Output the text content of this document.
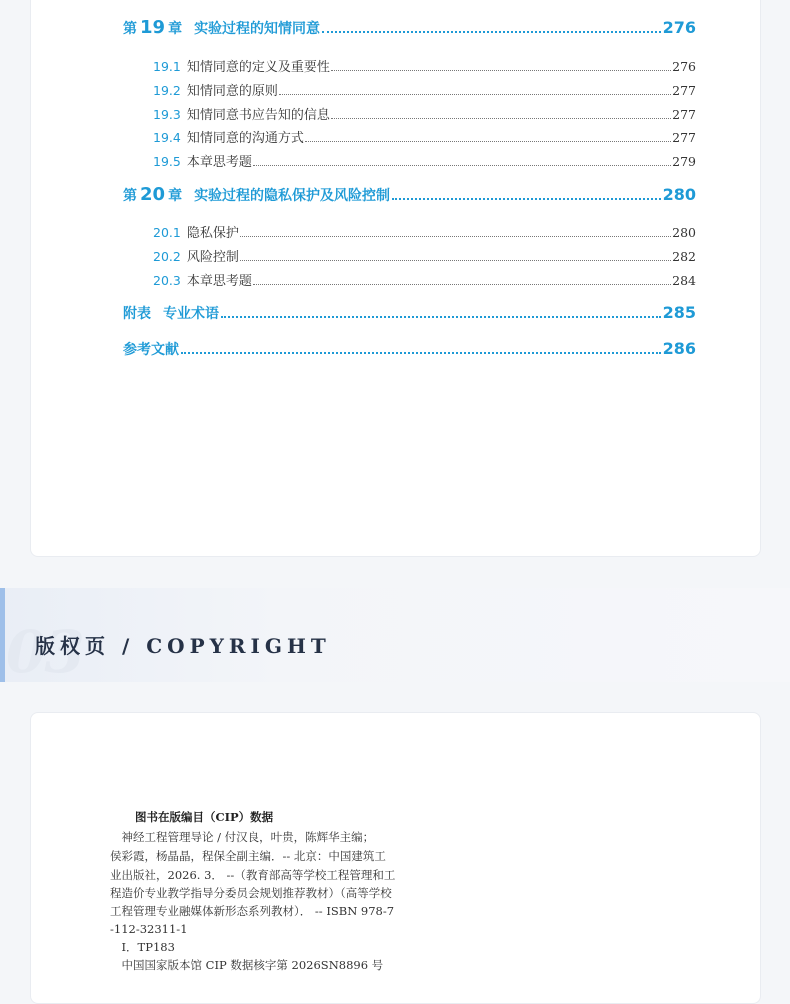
第 19 章 实验过程的知情同意	276
19.1 知情同意的定义及重要性	276
19.2 知情同意的原则	277
19.3 知情同意书应告知的信息	277
19.4 知情同意的沟通方式	277
19.5 本章思考题	279
第 20 章 实验过程的隐私保护及风险控制	280
20.1 隐私保护	280
20.2 风险控制	282
20.3 本章思考题	284
附表 专业术语	285
参考文献	286
03
版权页 / COPYRIGHT
图书在版编目（CIP）数据
　神经工程管理导论 / 付汉良，叶贵，陈辉华主编；
侯彩霞，杨晶晶，程保全副主编．-- 北京：中国建筑工
业出版社，2026. 3． --（教育部高等学校工程管理和工
程造价专业教学指导分委员会规划推荐教材）（高等学校
工程管理专业融媒体新形态系列教材）． -- ISBN 978-7
-112-32311-1
　Ⅰ．TP183
　中国国家版本馆 CIP 数据核字第 2026SN8896 号
